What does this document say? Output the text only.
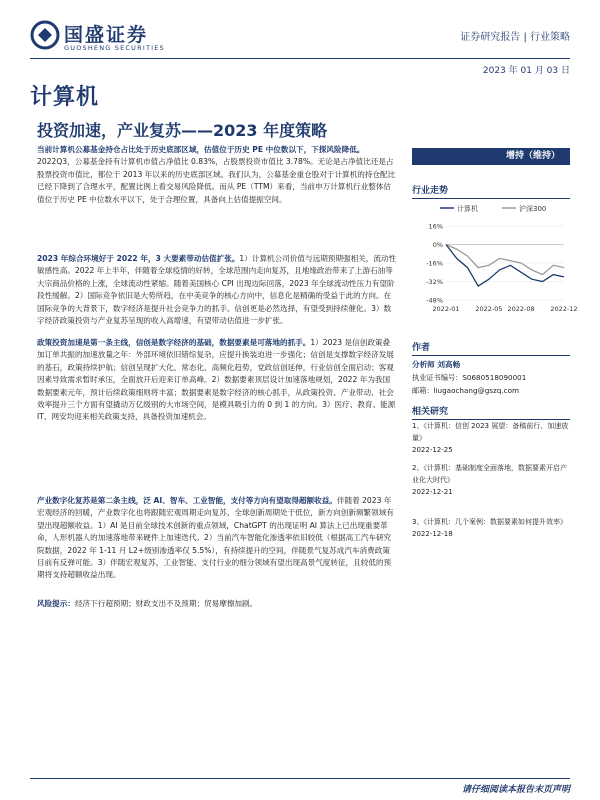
国盛证券
GUOSHENG SECURITIES
证券研究报告 | 行业策略
2023 年 01 月 03 日
计算机
投资加速，产业复苏——2023 年度策略
当前计算机公募基金持仓占比处于历史底部区域，估值位于历史 PE 中位数以下，下探风险降低。2022Q3，公募基金持有计算机市值占净值比 0.83%，占股票投资市值比 3.78%。无论是占净值比还是占股票投资市值比，都位于 2013 年以来的历史底部区域。我们认为，公募基金重仓股对于计算机的持仓配比已经下降到了合理水平，配置比例上看交易风险降低。而从 PE（TTM）来看，当前申万计算机行业整体估值位于历史 PE 中位数水平以下，处于合理位置，具备向上估值提振空间。
2023 年综合环境好于 2022 年，3 大要素带动估值扩张。1）计算机公司价值与远期预期强相关，流动性敏感性高。2022 年上半年，伴随着全球疫情的好转，全球范围内走向复苏，且地缘政治带来了上游石油等大宗商品价格的上涨，全球流动性紧缩。随着美国核心 CPI 出现边际回落，2023 年全球流动性压力有望阶段性缓解。2）国际竞争依旧是大势所趋，在中美竞争的核心方向中，信息化是精确的受益于此的方向。在国际竞争的大背景下，数字经济是提升社会竞争力的抓手。信创更是必然选择，有望受到持续催化。3）数字经济政策投资与产业复苏呈现的收入高增速，有望带动估值进一步扩张。
政策投资加速是第一条主线，信创是数字经济的基础，数据要素是可落地的抓手。1）2023 是信创政策叠加订单共振的加速放量之年：外部环境依旧错综复杂，应提升换装迫进一步强化；信创是支撑数字经济发展的基石，政策持续护航；信创呈现扩大化、常态化、高频化趋势，党政信创延伸，行业信创全面启动；客观因素导致需求暂时承压，全面放开后迎来订单高峰。2）数据要素顶层设计加速落地规划，2022 年为我国数据要素元年，预计后续政策细则将丰富；数据要素是数字经济的核心抓手，从政策投资、产业带动、社会效率提升三个方面有望撬动万亿级别的大市场空间，是模具吸引力的 0 到 1 的方向。3）医疗、教育、能源 IT、网安均迎来相关政策支持，具备投资加速机会。
产业数字化复苏是第二条主线，泛 AI、智车、工业智能，支付等方向有望取得超额收益。伴随着 2023 年宏观经济的回暖，产业数字化也将跟随宏观周期走向复苏，全球创新周期处于低位，新方向创新频繁领域有望出现超额收益。1）AI 是目前全球技术创新的重点领域，ChatGPT 的出现证明 AI 算法上已出现重要革命，人形机器人的加速落地带来硬件上加速迭代。2）当前汽车智能化渗透率依旧较低（根据高工汽车研究院数据，2022 年 1-11 月 L2+级别渗透率仅 5.5%），有持续提升的空间，伴随景气复苏成汽车消费政策目前有反弹可能。3）伴随宏观复苏，工业智能、支付行业的细分领域有望出现高景气度转征，且较低的预期将支持超额收益出现。
风险提示：经济下行超预期；财政支出不及预期；贸易摩擦加剧。
增持（维持）
行业走势
计算机	沪深300
16%
0%
-16%
-32%
-48%
2022-01 2022-05 2022-08 2022-12
作者
分析师 刘高畅
执业证书编号：S0680518090001
邮箱：liugaochang@gszq.com
相关研究
1、《计算机：信创 2023 展望：备稿前行、加速放量》
2022-12-25
2、《计算机：基础制度全面落地，数据要素开启产业化大时代》
2022-12-21
3、《计算机：几个案例：数据要素如何提升效率》
2022-12-18
请仔细阅读本报告末页声明
